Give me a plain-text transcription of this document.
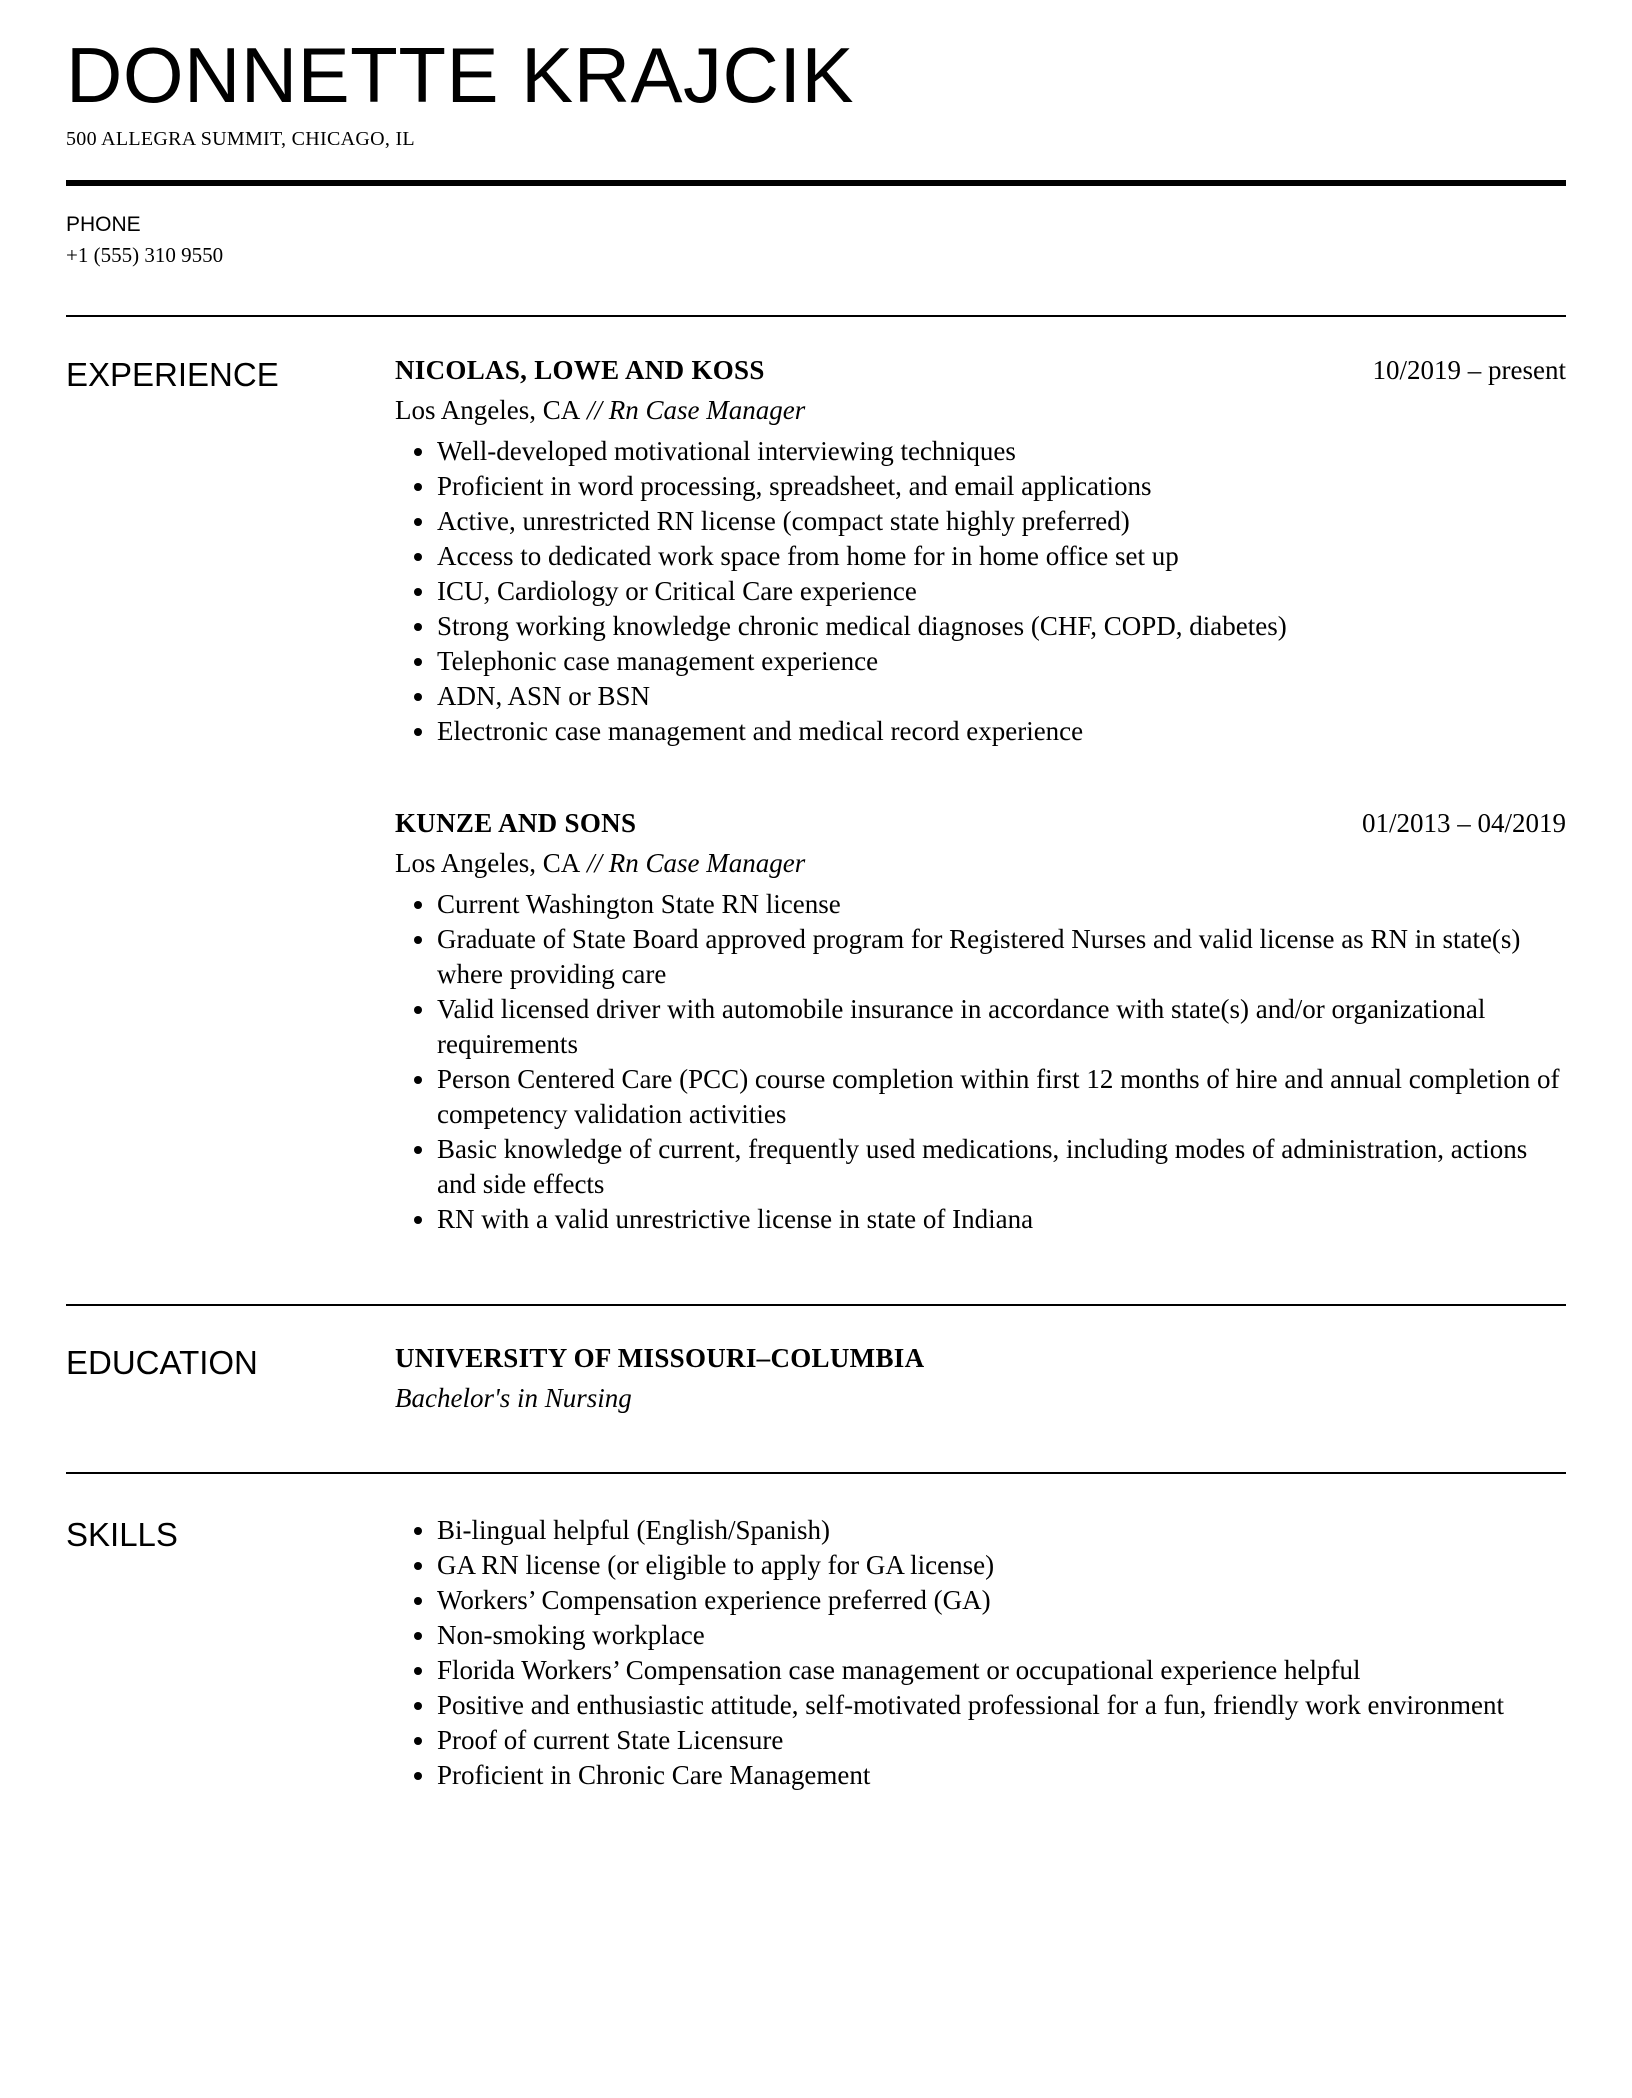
DONNETTE KRAJCIK
500 ALLEGRA SUMMIT, CHICAGO, IL
PHONE
+1 (555) 310 9550
EXPERIENCE	NICOLAS, LOWE AND KOSS	10/2019 – present
Los Angeles, CA // Rn Case Manager
• Well-developed motivational interviewing techniques
• Proficient in word processing, spreadsheet, and email applications
• Active, unrestricted RN license (compact state highly preferred)
• Access to dedicated work space from home for in home office set up
• ICU, Cardiology or Critical Care experience
• Strong working knowledge chronic medical diagnoses (CHF, COPD, diabetes)
• Telephonic case management experience
• ADN, ASN or BSN
• Electronic case management and medical record experience
KUNZE AND SONS	01/2013 – 04/2019
Los Angeles, CA // Rn Case Manager
• Current Washington State RN license
• Graduate of State Board approved program for Registered Nurses and valid license as RN in state(s) where providing care
• Valid licensed driver with automobile insurance in accordance with state(s) and/or organizational requirements
• Person Centered Care (PCC) course completion within first 12 months of hire and annual completion of competency validation activities
• Basic knowledge of current, frequently used medications, including modes of administration, actions and side effects
• RN with a valid unrestrictive license in state of Indiana
EDUCATION	UNIVERSITY OF MISSOURI–COLUMBIA
Bachelor's in Nursing
SKILLS
•	Bi-lingual helpful (English/Spanish)
• GA RN license (or eligible to apply for GA license)
• Workers’ Compensation experience preferred (GA)
• Non-smoking workplace
• Florida Workers’ Compensation case management or occupational experience helpful
• Positive and enthusiastic attitude, self-motivated professional for a fun, friendly work environment
• Proof of current State Licensure
• Proficient in Chronic Care Management
